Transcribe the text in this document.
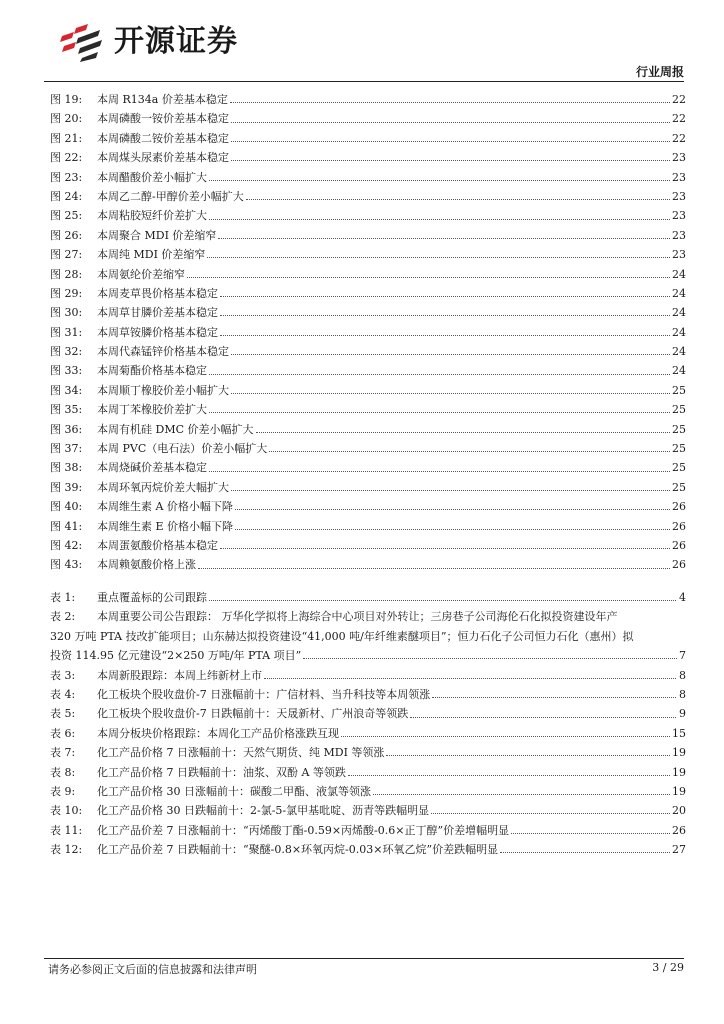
开源证券
行业周报
图 19:	本周 R134a 价差基本稳定	22
图 20:	本周磷酸一铵价差基本稳定	22
图 21:	本周磷酸二铵价差基本稳定	22
图 22:	本周煤头尿素价差基本稳定	23
图 23:	本周醋酸价差小幅扩大	23
图 24:	本周乙二醇-甲醇价差小幅扩大	23
图 25:	本周粘胶短纤价差扩大	23
图 26:	本周聚合 MDI 价差缩窄	23
图 27:	本周纯 MDI 价差缩窄	23
图 28:	本周氨纶价差缩窄	24
图 29:	本周麦草畏价格基本稳定	24
图 30:	本周草甘膦价差基本稳定	24
图 31:	本周草铵膦价格基本稳定	24
图 32:	本周代森锰锌价格基本稳定	24
图 33:	本周菊酯价格基本稳定	24
图 34:	本周顺丁橡胶价差小幅扩大	25
图 35:	本周丁苯橡胶价差扩大	25
图 36:	本周有机硅 DMC 价差小幅扩大	25
图 37:	本周 PVC（电石法）价差小幅扩大	25
图 38:	本周烧碱价差基本稳定	25
图 39:	本周环氧丙烷价差大幅扩大	25
图 40:	本周维生素 A 价格小幅下降	26
图 41:	本周维生素 E 价格小幅下降	26
图 42:	本周蛋氨酸价格基本稳定	26
图 43:	本周赖氨酸价格上涨	26
表 1:	重点覆盖标的公司跟踪	4
表 2: 本周重要公司公告跟踪： 万华化学拟将上海综合中心项目对外转让；三房巷子公司海伦石化拟投资建设年产
320 万吨 PTA 技改扩能项目；山东赫达拟投资建设“41,000 吨/年纤维素醚项目”；恒力石化子公司恒力石化（惠州）拟
投资 114.95 亿元建设“2×250 万吨/年 PTA 项目”	7
表 3:	本周新股跟踪：本周上纬新材上市	8
表 4:	化工板块个股收盘价-7 日涨幅前十：广信材料、当升科技等本周领涨	8
表 5:	化工板块个股收盘价-7 日跌幅前十：天晟新材、广州浪奇等领跌	9
表 6:	本周分板块价格跟踪：本周化工产品价格涨跌互现	15
表 7:	化工产品价格 7 日涨幅前十：天然气期货、纯 MDI 等领涨	19
表 8:	化工产品价格 7 日跌幅前十：油浆、双酚 A 等领跌	19
表 9:	化工产品价格 30 日涨幅前十：碳酸二甲酯、液氯等领涨	19
表 10:	化工产品价格 30 日跌幅前十：2-氯-5-氯甲基吡啶、沥青等跌幅明显	20
表 11:	化工产品价差 7 日涨幅前十：“丙烯酸丁酯-0.59×丙烯酸-0.6×正丁醇”价差增幅明显	26
表 12:	化工产品价差 7 日跌幅前十：“聚醚-0.8×环氧丙烷-0.03×环氧乙烷”价差跌幅明显	27
请务必参阅正文后面的信息披露和法律声明	3 / 29
